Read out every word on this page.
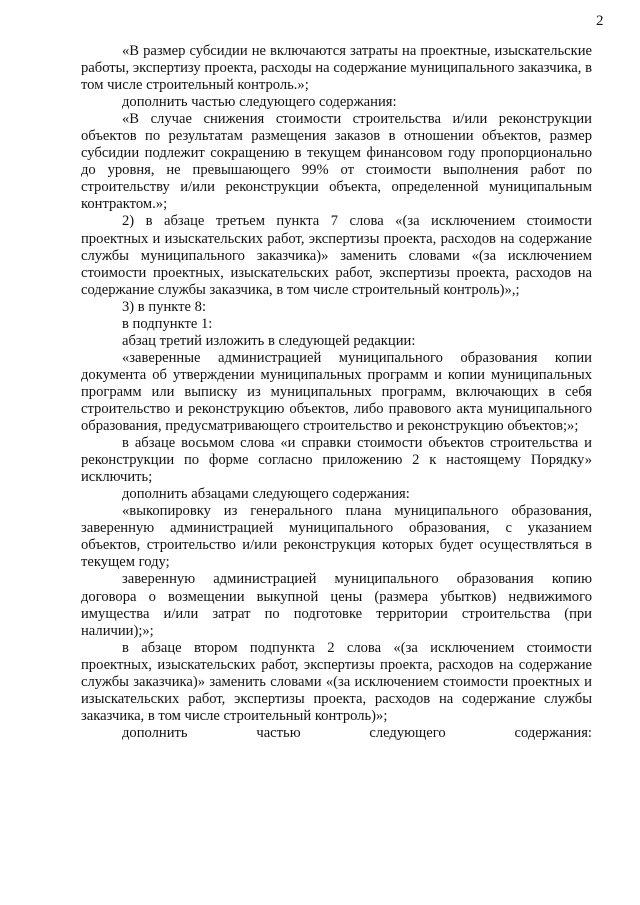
2

«В размер субсидии не включаются затраты на проектные, изыскательские работы, экспертизу проекта, расходы на содержание муниципального заказчика, в том числе строительный контроль.»;

дополнить частью следующего содержания:

«В случае снижения стоимости строительства и/или реконструкции объектов по результатам размещения заказов в отношении объектов, размер субсидии подлежит сокращению в текущем финансовом году пропорционально до уровня, не превышающего 99% от стоимости выполнения работ по строительству и/или реконструкции объекта, определенной муниципальным контрактом.»;

2) в абзаце третьем пункта 7 слова «(за исключением стоимости проектных и изыскательских работ, экспертизы проекта, расходов на содержание службы муниципального заказчика)» заменить словами «(за исключением стоимости проектных, изыскательских работ, экспертизы проекта, расходов на содержание службы заказчика, в том числе строительный контроль)»,;

3) в пункте 8:

в подпункте 1:

абзац третий изложить в следующей редакции:

«заверенные администрацией муниципального образования копии документа об утверждении муниципальных программ и копии муниципальных программ или выписку из муниципальных программ, включающих в себя строительство и реконструкцию объектов, либо правового акта муниципального образования, предусматривающего строительство и реконструкцию объектов;»;

в абзаце восьмом слова «и справки стоимости объектов строительства и реконструкции по форме согласно приложению 2 к настоящему Порядку» исключить;

дополнить абзацами следующего содержания:

«выкопировку из генерального плана муниципального образования, заверенную администрацией муниципального образования, с указанием объектов, строительство и/или реконструкция которых будет осуществляться в текущем году;

заверенную администрацией муниципального образования копию договора о возмещении выкупной цены (размера убытков) недвижимого имущества и/или затрат по подготовке территории строительства (при наличии);»;

в абзаце втором подпункта 2 слова «(за исключением стоимости проектных, изыскательских работ, экспертизы проекта, расходов на содержание службы заказчика)» заменить словами «(за исключением стоимости проектных и изыскательских работ, экспертизы проекта, расходов на содержание службы заказчика, в том числе строительный контроль)»;

дополнить частью следующего содержания:
